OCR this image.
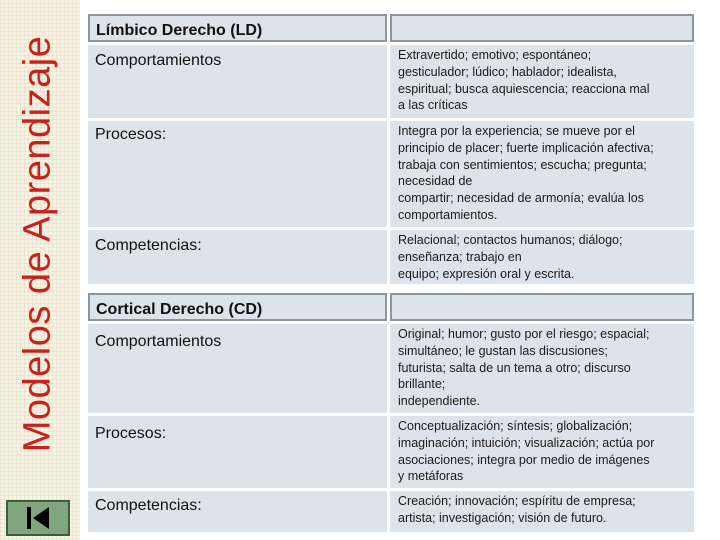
Modelos de Aprendizaje
Límbico Derecho (LD)
Comportamientos	Extravertido; emotivo; espontáneo;
gesticulador; lúdico; hablador; idealista,
espiritual; busca aquiescencia; reacciona mal
a las críticas
Procesos:	Integra por la experiencia; se mueve por el
principio de placer; fuerte implicación afectiva;
trabaja con sentimientos; escucha; pregunta;
necesidad de
compartir; necesidad de armonía; evalúa los
comportamientos.
Competencias:	Relacional; contactos humanos; diálogo;
enseñanza; trabajo en
equipo; expresión oral y escrita.
Cortical Derecho (CD)
Comportamientos	Original; humor; gusto por el riesgo; espacial;
simultáneo; le gustan las discusiones;
futurista; salta de un tema a otro; discurso
brillante;
independiente.
Procesos:	Conceptualización; síntesis; globalización;
imaginación; intuición; visualización; actúa por
asociaciones; integra por medio de imágenes
y metáforas
Competencias:	Creación; innovación; espíritu de empresa;
artista; investigación; visión de futuro.
